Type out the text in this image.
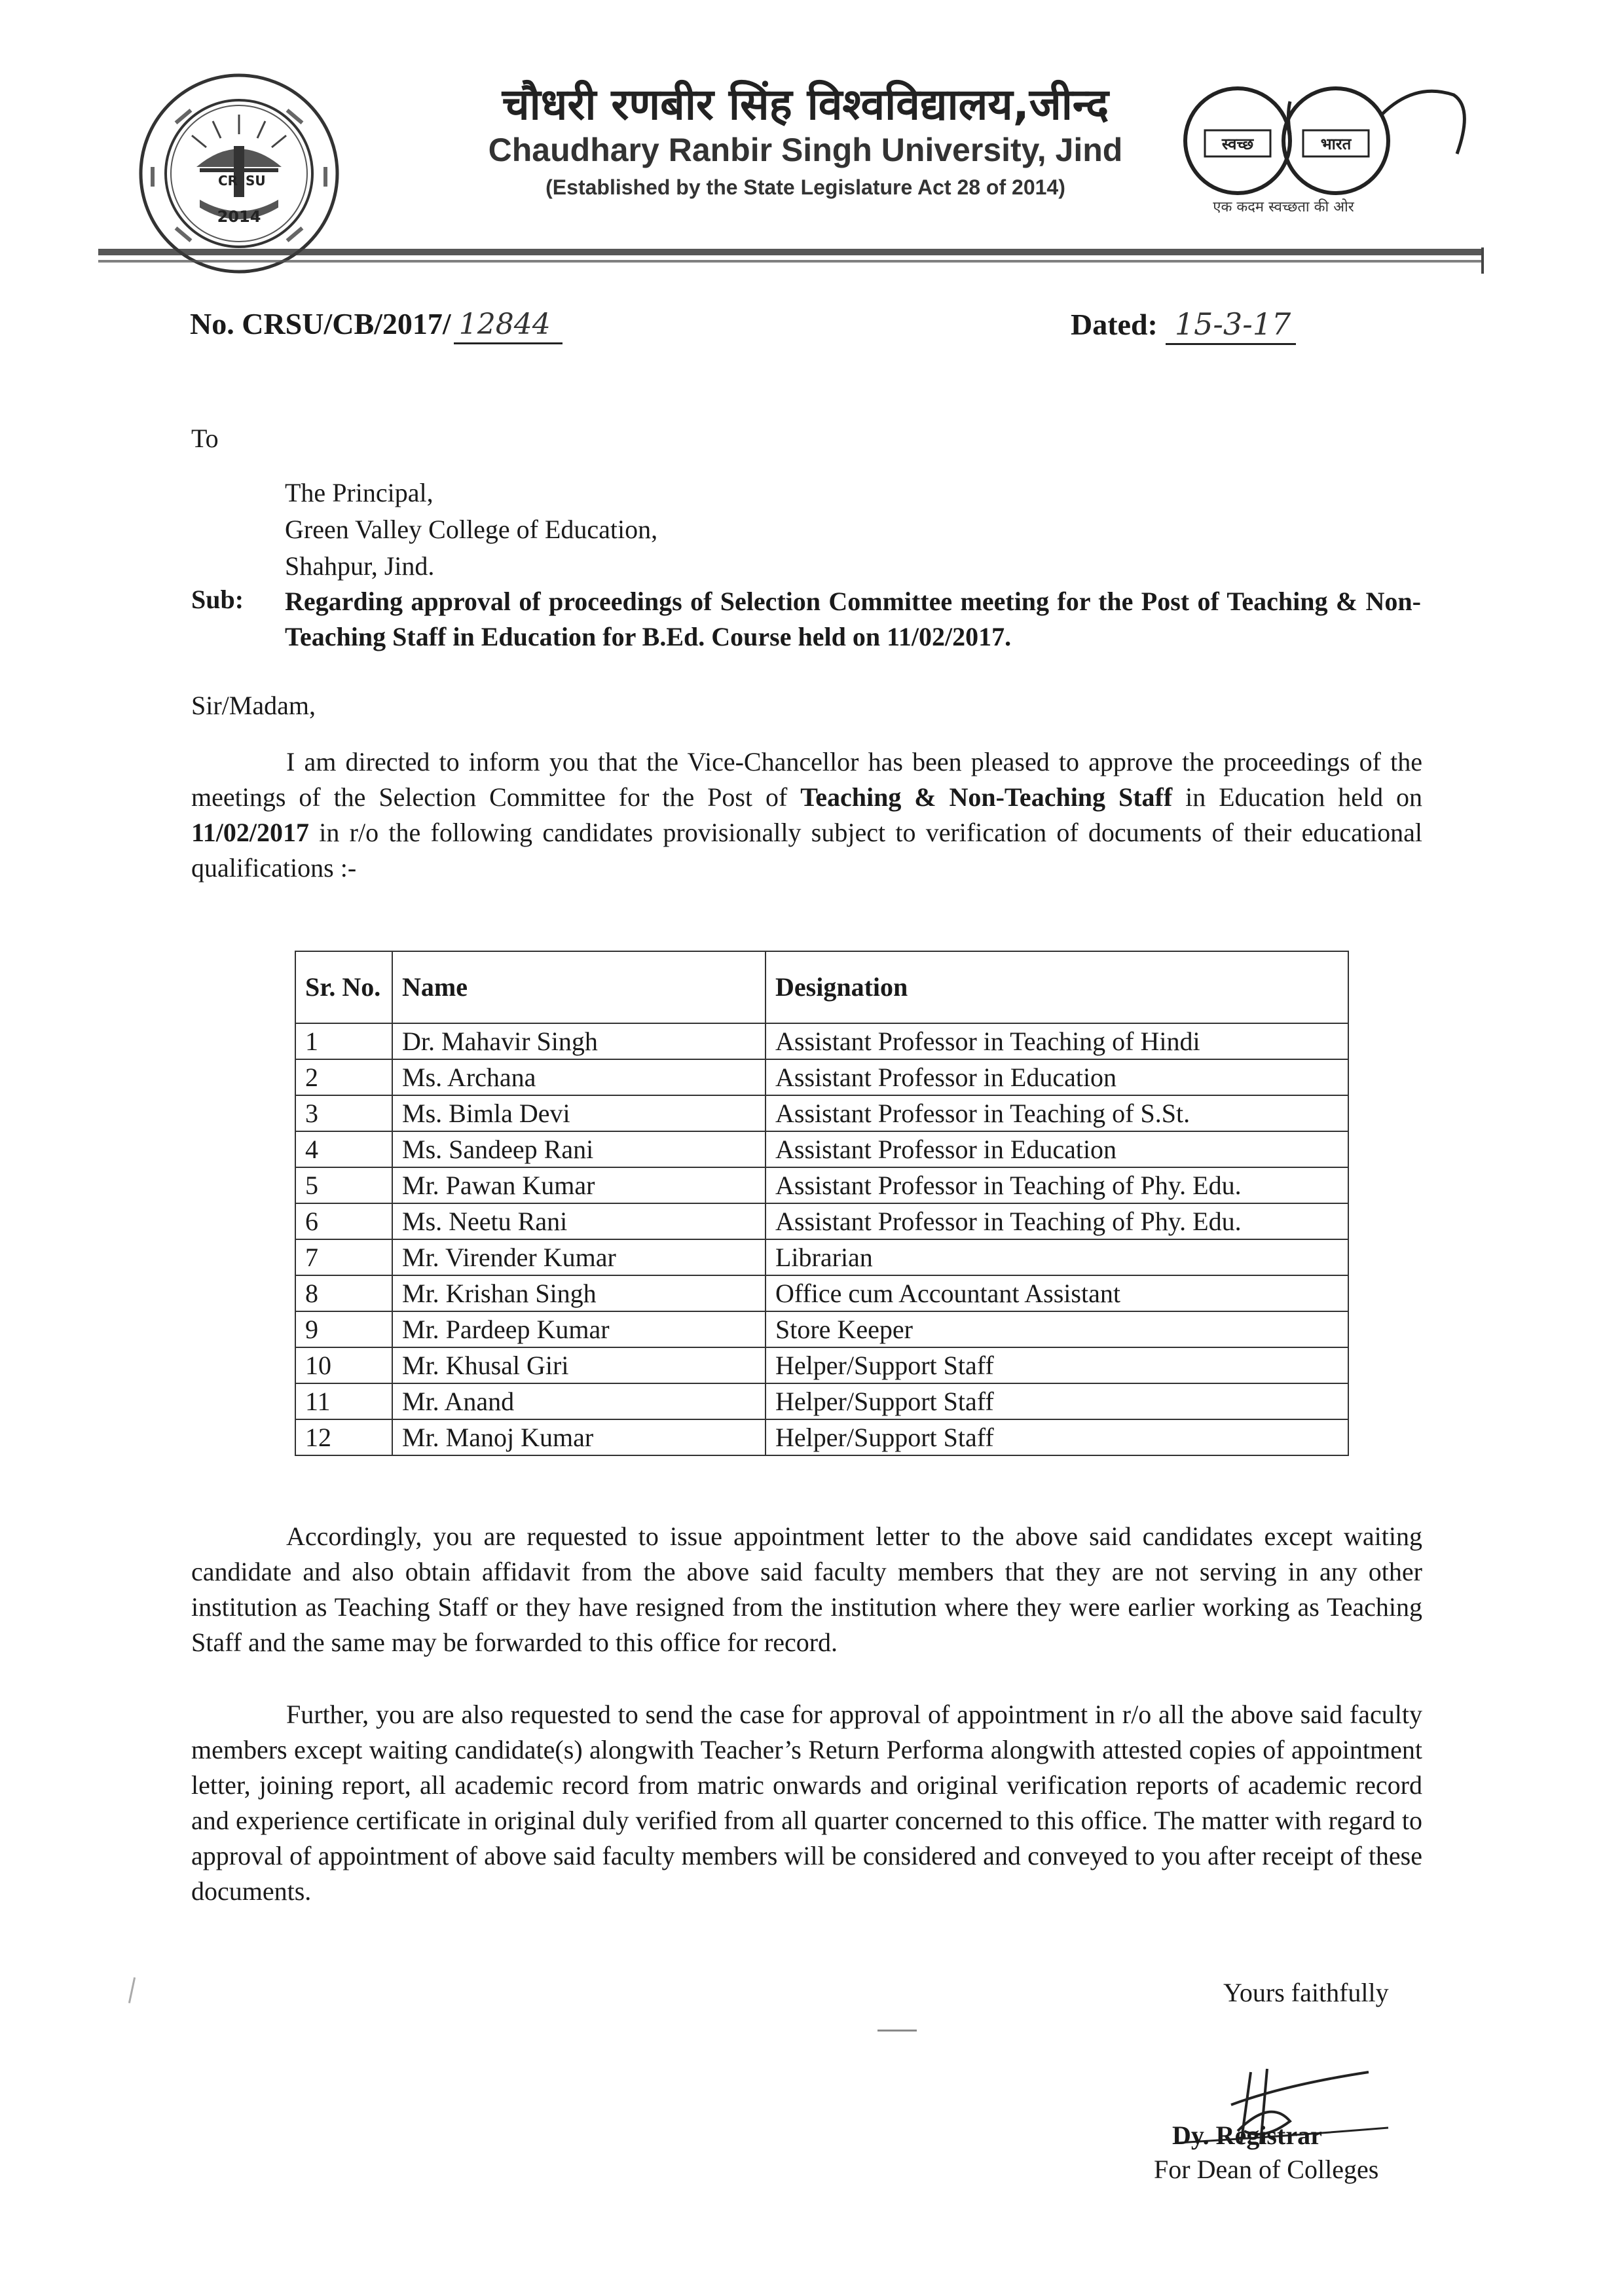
CR SU
2014
चौधरी रणबीर सिंह विश्वविद्यालय,जीन्द
Chaudhary Ranbir Singh University, Jind
(Established by the State Legislature Act 28 of 2014)
स्वच्छ	भारत
एक कदम स्वच्छता की ओर
No. CRSU/CB/2017/ 12844	Dated: 15-3-17
To
The Principal,
Green Valley College of Education,
Shahpur, Jind.
Sub: Regarding approval of proceedings of Selection Committee meeting for the Post of Teaching & Non-Teaching Staff in Education for B.Ed. Course held on 11/02/2017.
Sir/Madam,
I am directed to inform you that the Vice-Chancellor has been pleased to approve the proceedings of the meetings of the Selection Committee for the Post of Teaching & Non-Teaching Staff in Education held on 11/02/2017 in r/o the following candidates provisionally subject to verification of documents of their educational qualifications :-
Sr. No.	Name	Designation
1	Dr. Mahavir Singh	Assistant Professor in Teaching of Hindi
2	Ms. Archana	Assistant Professor in Education
3	Ms. Bimla Devi	Assistant Professor in Teaching of S.St.
4	Ms. Sandeep Rani	Assistant Professor in Education
5	Mr. Pawan Kumar	Assistant Professor in Teaching of Phy. Edu.
6	Ms. Neetu Rani	Assistant Professor in Teaching of Phy. Edu.
7	Mr. Virender Kumar	Librarian
8	Mr. Krishan Singh	Office cum Accountant Assistant
9	Mr. Pardeep Kumar	Store Keeper
10	Mr. Khusal Giri	Helper/Support Staff
11	Mr. Anand	Helper/Support Staff
12	Mr. Manoj Kumar	Helper/Support Staff
Accordingly, you are requested to issue appointment letter to the above said candidates except waiting candidate and also obtain affidavit from the above said faculty members that they are not serving in any other institution as Teaching Staff or they have resigned from the institution where they were earlier working as Teaching Staff and the same may be forwarded to this office for record.
Further, you are also requested to send the case for approval of appointment in r/o all the above said faculty members except waiting candidate(s) alongwith Teacher’s Return Performa alongwith attested copies of appointment letter, joining report, all academic record from matric onwards and original verification reports of academic record and experience certificate in original duly verified from all quarter concerned to this office. The matter with regard to approval of appointment of above said faculty members will be considered and conveyed to you after receipt of these documents.
Yours faithfully
Dy. Registrar
For Dean of Colleges
